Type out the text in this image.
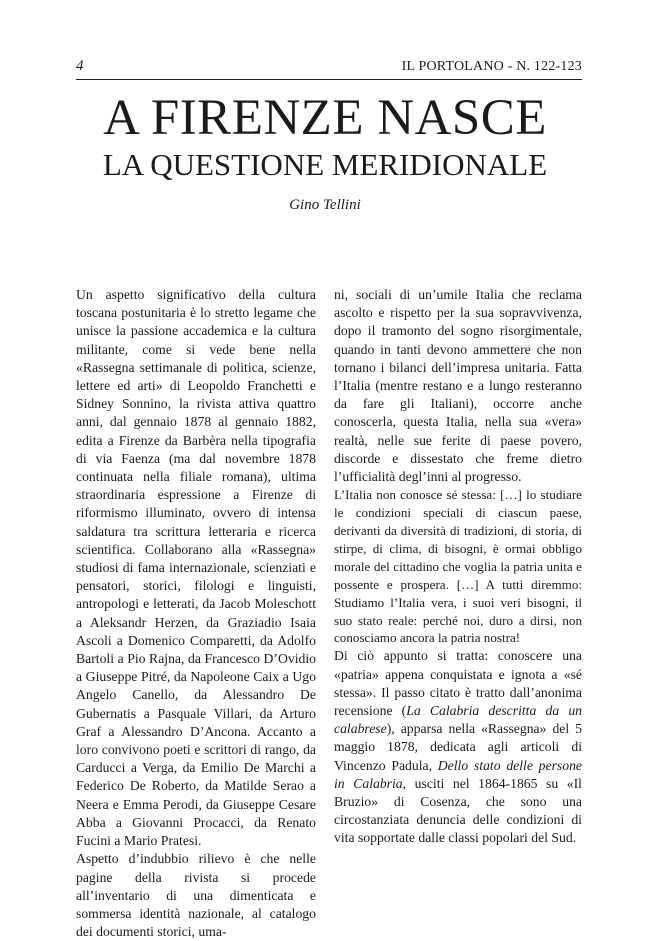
4	IL PORTOLANO - N. 122-123
A FIRENZE NASCE
LA QUESTIONE MERIDIONALE
Gino Tellini

Un aspetto significativo della cultura toscana postunitaria è lo stretto legame che unisce la passione accademica e la cultura militante, come si vede bene nella «Rassegna settimanale di politica, scienze, lettere ed arti» di Leopoldo Franchetti e Sidney Sonnino, la rivista attiva quattro anni, dal gennaio 1878 al gennaio 1882, edita a Firenze da Barbèra nella tipografia di via Faenza (ma dal novembre 1878 continuata nella filiale romana), ultima straordinaria espressione a Firenze di riformismo illuminato, ovvero di intensa saldatura tra scrittura letteraria e ricerca scientifica. Collaborano alla «Rassegna» studiosi di fama internazionale, scienziati e pensatori, storici, filologi e linguisti, antropologi e letterati, da Jacob Moleschott a Aleksandr Herzen, da Graziadio Isaia Ascoli a Domenico Comparetti, da Adolfo Bartoli a Pio Rajna, da Francesco D’Ovidio a Giuseppe Pitré, da Napoleone Caix a Ugo Angelo Canello, da Alessandro De Gubernatis a Pasquale Villari, da Arturo Graf a Alessandro D’Ancona. Accanto a loro convivono poeti e scrittori di rango, da Carducci a Verga, da Emilio De Marchi a Federico De Roberto, da Matilde Serao a Neera e Emma Perodi, da Giuseppe Cesare Abba a Giovanni Procacci, da Renato Fucini a Mario Pratesi.

Aspetto d’indubbio rilievo è che nelle pagine della rivista si procede all’inventario di una dimenticata e sommersa identità nazionale, al catalogo dei documenti storici, uma-

ni, sociali di un’umile Italia che reclama ascolto e rispetto per la sua sopravvivenza, dopo il tramonto del sogno risorgimentale, quando in tanti devono ammettere che non tornano i bilanci dell’impresa unitaria. Fatta l’Italia (mentre restano e a lungo resteranno da fare gli Italiani), occorre anche conoscerla, questa Italia, nella sua «vera» realtà, nelle sue ferite di paese povero, discorde e dissestato che freme dietro l’ufficialità degl’inni al progresso.

L’Italia non conosce sé stessa: […] lo studiare le condizioni speciali di ciascun paese, derivanti da diversità di tradizioni, di storia, di stirpe, di clima, di bisogni, è ormai obbligo morale del cittadino che voglia la patria unita e possente e prospera. […] A tutti diremmo: Studiamo l’Italia vera, i suoi veri bisogni, il suo stato reale: perché noi, duro a dirsi, non conosciamo ancora la patria nostra!

Di ciò appunto si tratta: conoscere una «patria» appena conquistata e ignota a «sé stessa». Il passo citato è tratto dall’anonima recensione (La Calabria descritta da un calabrese), apparsa nella «Rassegna» del 5 maggio 1878, dedicata agli articoli di Vincenzo Padula, Dello stato delle persone in Calabria, usciti nel 1864-1865 su «Il Bruzio» di Cosenza, che sono una circostanziata denuncia delle condizioni di vita sopportate dalle classi popolari del Sud.
